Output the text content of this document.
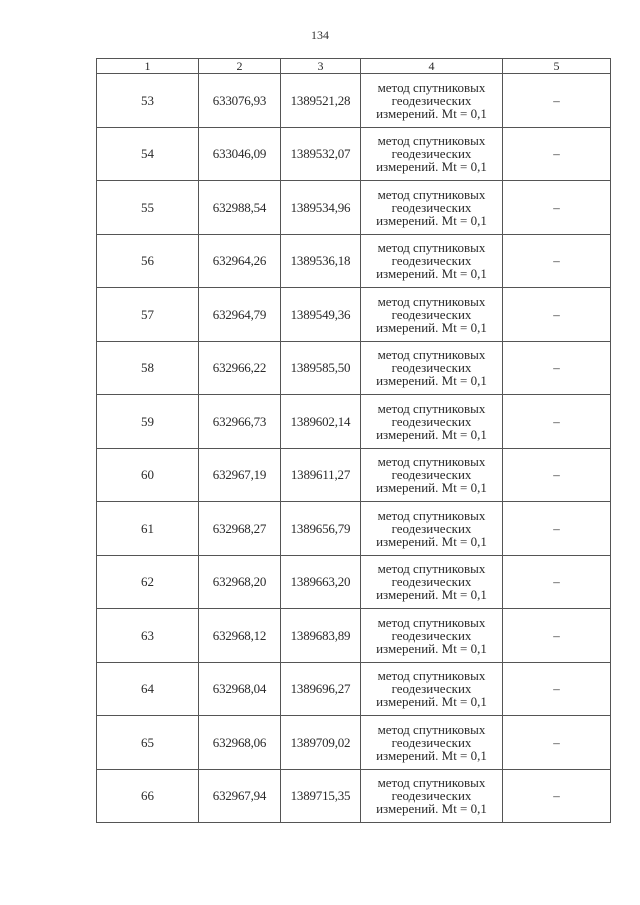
134
1	2	3	4	5
53	633076,93	1389521,28	метод спутниковых
геодезических
измерений. Mt = 0,1	–
54	633046,09	1389532,07	метод спутниковых
геодезических
измерений. Mt = 0,1	–
55	632988,54	1389534,96	метод спутниковых
геодезических
измерений. Mt = 0,1	–
56	632964,26	1389536,18	метод спутниковых
геодезических
измерений. Mt = 0,1	–
57	632964,79	1389549,36	метод спутниковых
геодезических
измерений. Mt = 0,1	–
58	632966,22	1389585,50	метод спутниковых
геодезических
измерений. Mt = 0,1	–
59	632966,73	1389602,14	метод спутниковых
геодезических
измерений. Mt = 0,1	–
60	632967,19	1389611,27	метод спутниковых
геодезических
измерений. Mt = 0,1	–
61	632968,27	1389656,79	метод спутниковых
геодезических
измерений. Mt = 0,1	–
62	632968,20	1389663,20	метод спутниковых
геодезических
измерений. Mt = 0,1	–
63	632968,12	1389683,89	метод спутниковых
геодезических
измерений. Mt = 0,1	–
64	632968,04	1389696,27	метод спутниковых
геодезических
измерений. Mt = 0,1	–
65	632968,06	1389709,02	метод спутниковых
геодезических
измерений. Mt = 0,1	–
66	632967,94	1389715,35	метод спутниковых
геодезических
измерений. Mt = 0,1	–
